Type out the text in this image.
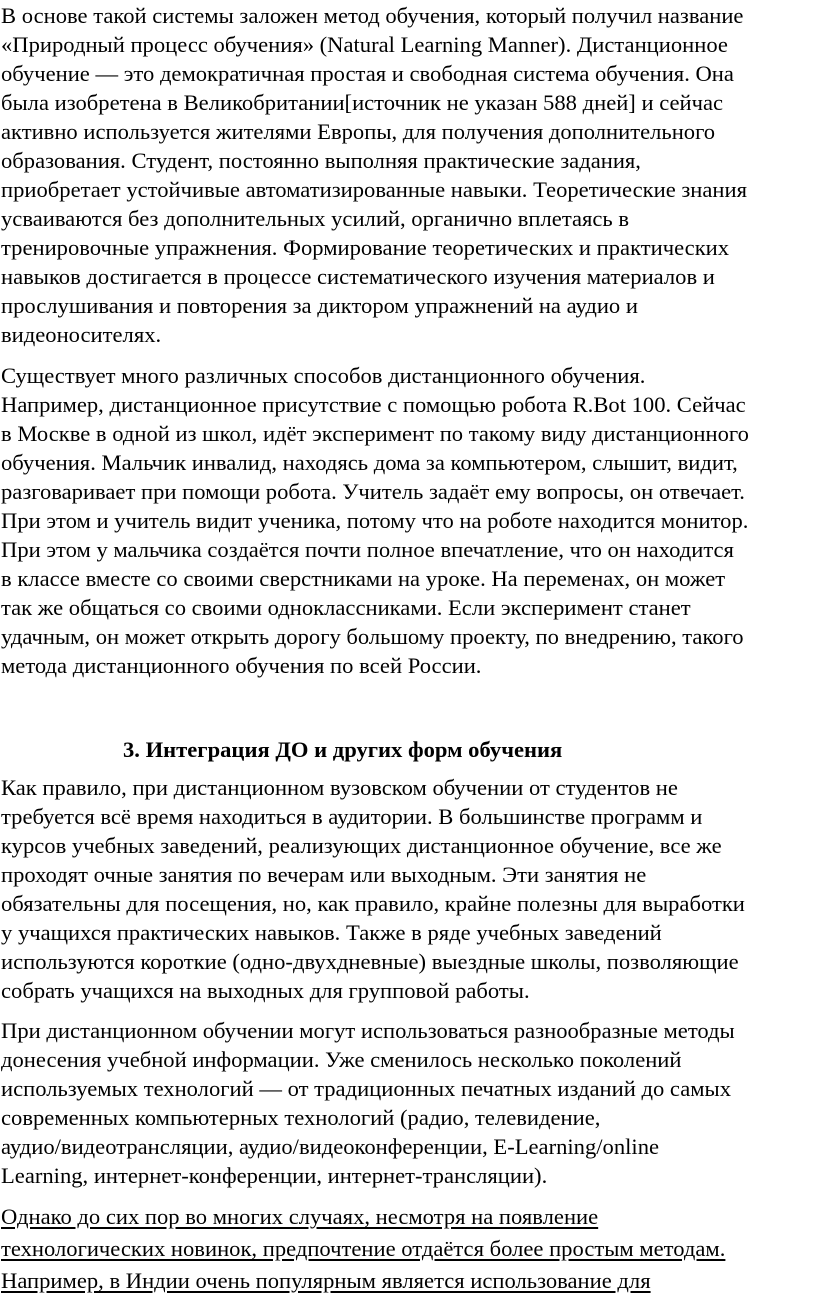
В основе такой системы заложен метод обучения, который получил название
«Природный процесс обучения» (Natural Learning Manner). Дистанционное
обучение — это демократичная простая и свободная система обучения. Она
была изобретена в Великобритании[источник не указан 588 дней] и сейчас
активно используется жителями Европы, для получения дополнительного
образования. Студент, постоянно выполняя практические задания,
приобретает устойчивые автоматизированные навыки. Теоретические знания
усваиваются без дополнительных усилий, органично вплетаясь в
тренировочные упражнения. Формирование теоретических и практических
навыков достигается в процессе систематического изучения материалов и
прослушивания и повторения за диктором упражнений на аудио и
видеоносителях.
Существует много различных способов дистанционного обучения.
Например, дистанционное присутствие с помощью робота R.Bot 100. Сейчас
в Москве в одной из школ, идёт эксперимент по такому виду дистанционного
обучения. Мальчик инвалид, находясь дома за компьютером, слышит, видит,
разговаривает при помощи робота. Учитель задаёт ему вопросы, он отвечает.
При этом и учитель видит ученика, потому что на роботе находится монитор.
При этом у мальчика создаётся почти полное впечатление, что он находится
в классе вместе со своими сверстниками на уроке. На переменах, он может
так же общаться со своими одноклассниками. Если эксперимент станет
удачным, он может открыть дорогу большому проекту, по внедрению, такого
метода дистанционного обучения по всей России.
3. Интеграция ДО и других форм обучения
Как правило, при дистанционном вузовском обучении от студентов не
требуется всё время находиться в аудитории. В большинстве программ и
курсов учебных заведений, реализующих дистанционное обучение, все же
проходят очные занятия по вечерам или выходным. Эти занятия не
обязательны для посещения, но, как правило, крайне полезны для выработки
у учащихся практических навыков. Также в ряде учебных заведений
используются короткие (одно-двухдневные) выездные школы, позволяющие
собрать учащихся на выходных для групповой работы.
При дистанционном обучении могут использоваться разнообразные методы
донесения учебной информации. Уже сменилось несколько поколений
используемых технологий — от традиционных печатных изданий до самых
современных компьютерных технологий (радио, телевидение,
аудио/видеотрансляции, аудио/видеоконференции, E-Learning/online
Learning, интернет-конференции, интернет-трансляции).
Однако до сих пор во многих случаях, несмотря на появление
технологических новинок, предпочтение отдаётся более простым методам.
Например, в Индии очень популярным является использование для
